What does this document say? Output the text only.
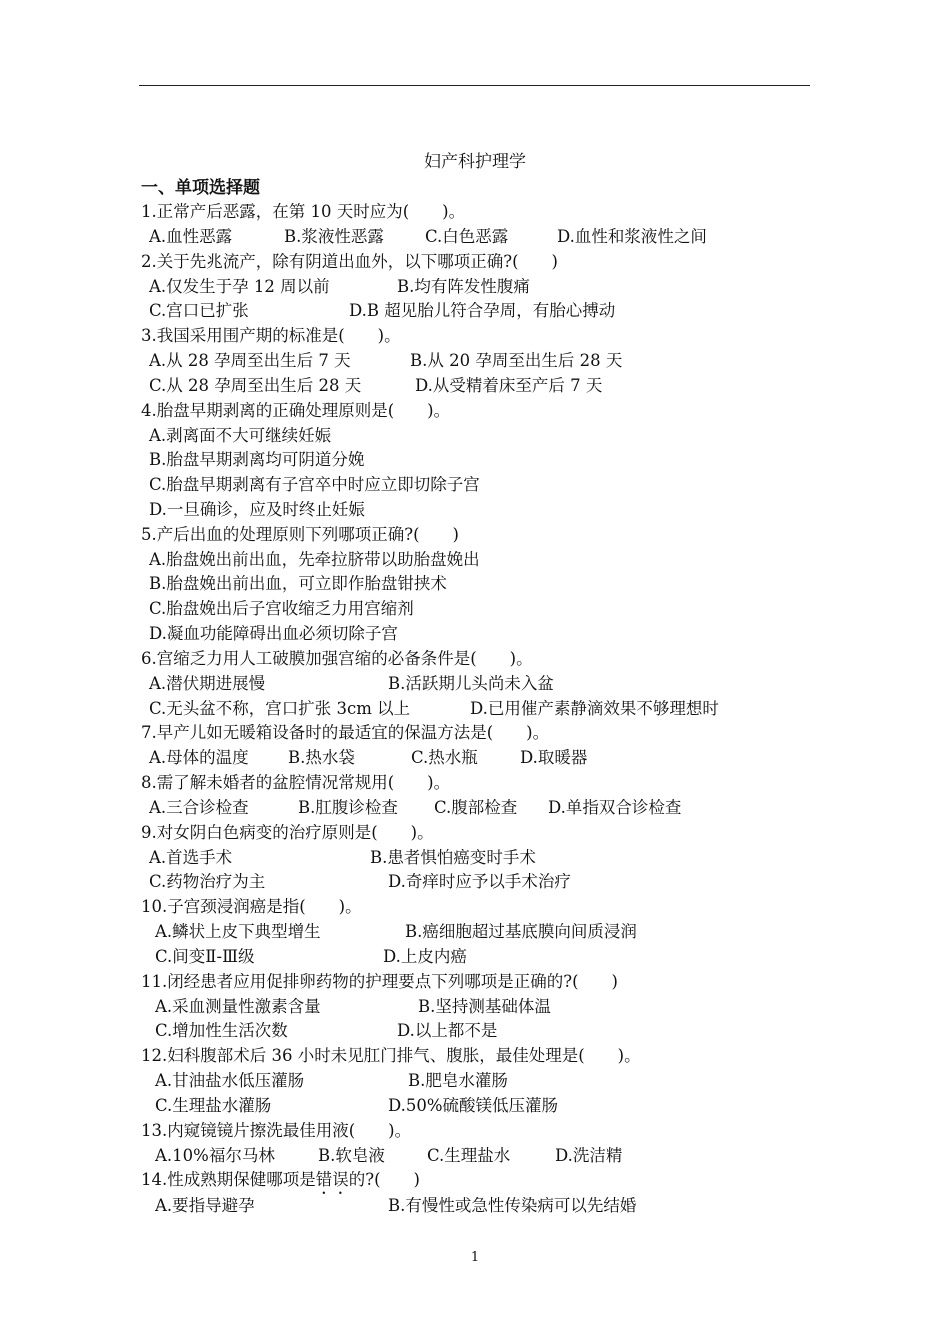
妇产科护理学
一、单项选择题
1.正常产后恶露，在第 10 天时应为(　　)。
A.血性恶露	B.浆液性恶露 C.白色恶露	D.血性和浆液性之间
2.关于先兆流产，除有阴道出血外，以下哪项正确?(　　)
A.仅发生于孕 12 周以前	B.均有阵发性腹痛
C.宫口已扩张	D.B 超见胎儿符合孕周，有胎心搏动
3.我国采用围产期的标准是(　　)。
A.从 28 孕周至出生后 7 天	B.从 20 孕周至出生后 28 天
C.从 28 孕周至出生后 28 天	D.从受精着床至产后 7 天
4.胎盘早期剥离的正确处理原则是(　　)。
A.剥离面不大可继续妊娠
B.胎盘早期剥离均可阴道分娩
C.胎盘早期剥离有子宫卒中时应立即切除子宫
D.一旦确诊，应及时终止妊娠
5.产后出血的处理原则下列哪项正确?(　　)
A.胎盘娩出前出血，先牵拉脐带以助胎盘娩出
B.胎盘娩出前出血，可立即作胎盘钳挟术
C.胎盘娩出后子宫收缩乏力用宫缩剂
D.凝血功能障碍出血必须切除子宫
6.宫缩乏力用人工破膜加强宫缩的必备条件是(　　)。
A.潜伏期进展慢	B.活跃期儿头尚未入盆
C.无头盆不称，宫口扩张 3cm 以上	D.已用催产素静滴效果不够理想时
7.早产儿如无暖箱设备时的最适宜的保温方法是(　　)。
A.母体的温度 B.热水袋	C.热水瓶	D.取暖器
8.需了解未婚者的盆腔情况常规用(　　)。
A.三合诊检查	B.肛腹诊检查 C.腹部检查 D.单指双合诊检查
9.对女阴白色病变的治疗原则是(　　)。
A.首选手术	B.患者惧怕癌变时手术
C.药物治疗为主	D.奇痒时应予以手术治疗
10.子宫颈浸润癌是指(　　)。
A.鳞状上皮下典型增生	B.癌细胞超过基底膜向间质浸润
C.间变Ⅱ-Ⅲ级	D.上皮内癌
11.闭经患者应用促排卵药物的护理要点下列哪项是正确的?(　　)
A.采血测量性激素含量	B.坚持测基础体温
C.增加性生活次数	D.以上都不是
12.妇科腹部术后 36 小时未见肛门排气、腹胀，最佳处理是(　　)。
A.甘油盐水低压灌肠	B.肥皂水灌肠
C.生理盐水灌肠	D.50%硫酸镁低压灌肠
13.内窥镜镜片擦洗最佳用液(　　)。
A.10%福尔马林	B.软皂液	C.生理盐水	D.洗洁精
14.性成熟期保健哪项是错误的?(　　)
A.要指导避孕	B.有慢性或急性传染病可以先结婚
1
